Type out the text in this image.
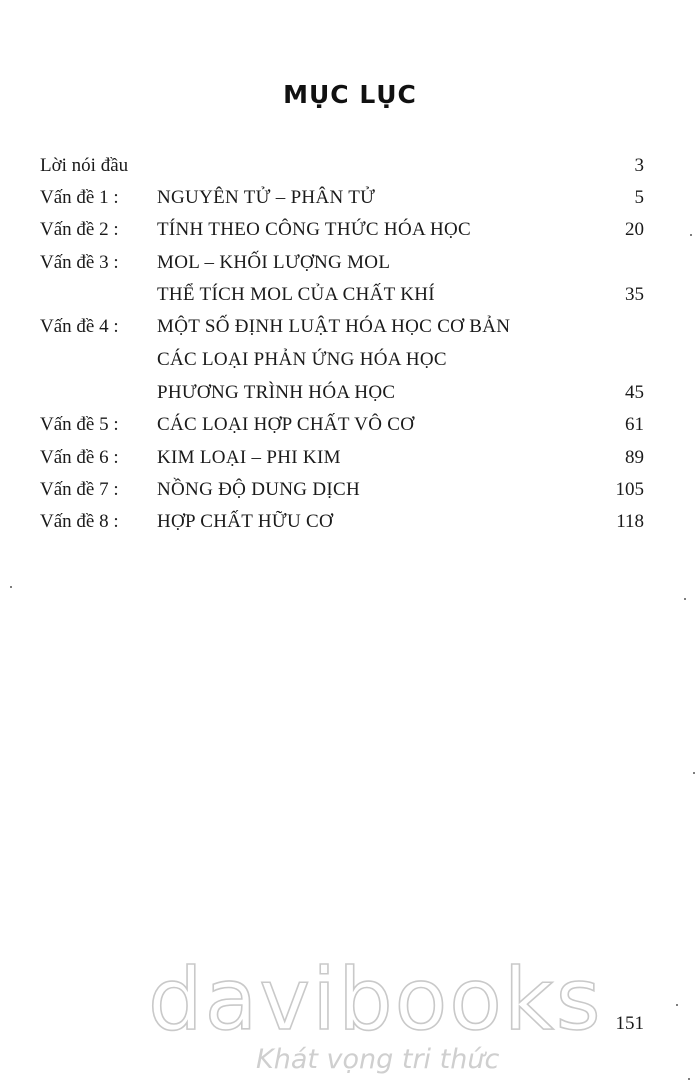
MỤC LỤC
Lời nói đầu	3
Vấn đề 1 : NGUYÊN TỬ – PHÂN TỬ	5
Vấn đề 2 : TÍNH THEO CÔNG THỨC HÓA HỌC	20
Vấn đề 3 : MOL – KHỐI LƯỢNG MOL
THỂ TÍCH MOL CỦA CHẤT KHÍ	35
Vấn đề 4 : MỘT SỐ ĐỊNH LUẬT HÓA HỌC CƠ BẢN
CÁC LOẠI PHẢN ỨNG HÓA HỌC
PHƯƠNG TRÌNH HÓA HỌC	45
Vấn đề 5 : CÁC LOẠI HỢP CHẤT VÔ CƠ	61
Vấn đề 6 : KIM LOẠI – PHI KIM	89
Vấn đề 7 : NỒNG ĐỘ DUNG DỊCH	105
Vấn đề 8 : HỢP CHẤT HỮU CƠ	118
davibooks
Khát vọng tri thức
151
